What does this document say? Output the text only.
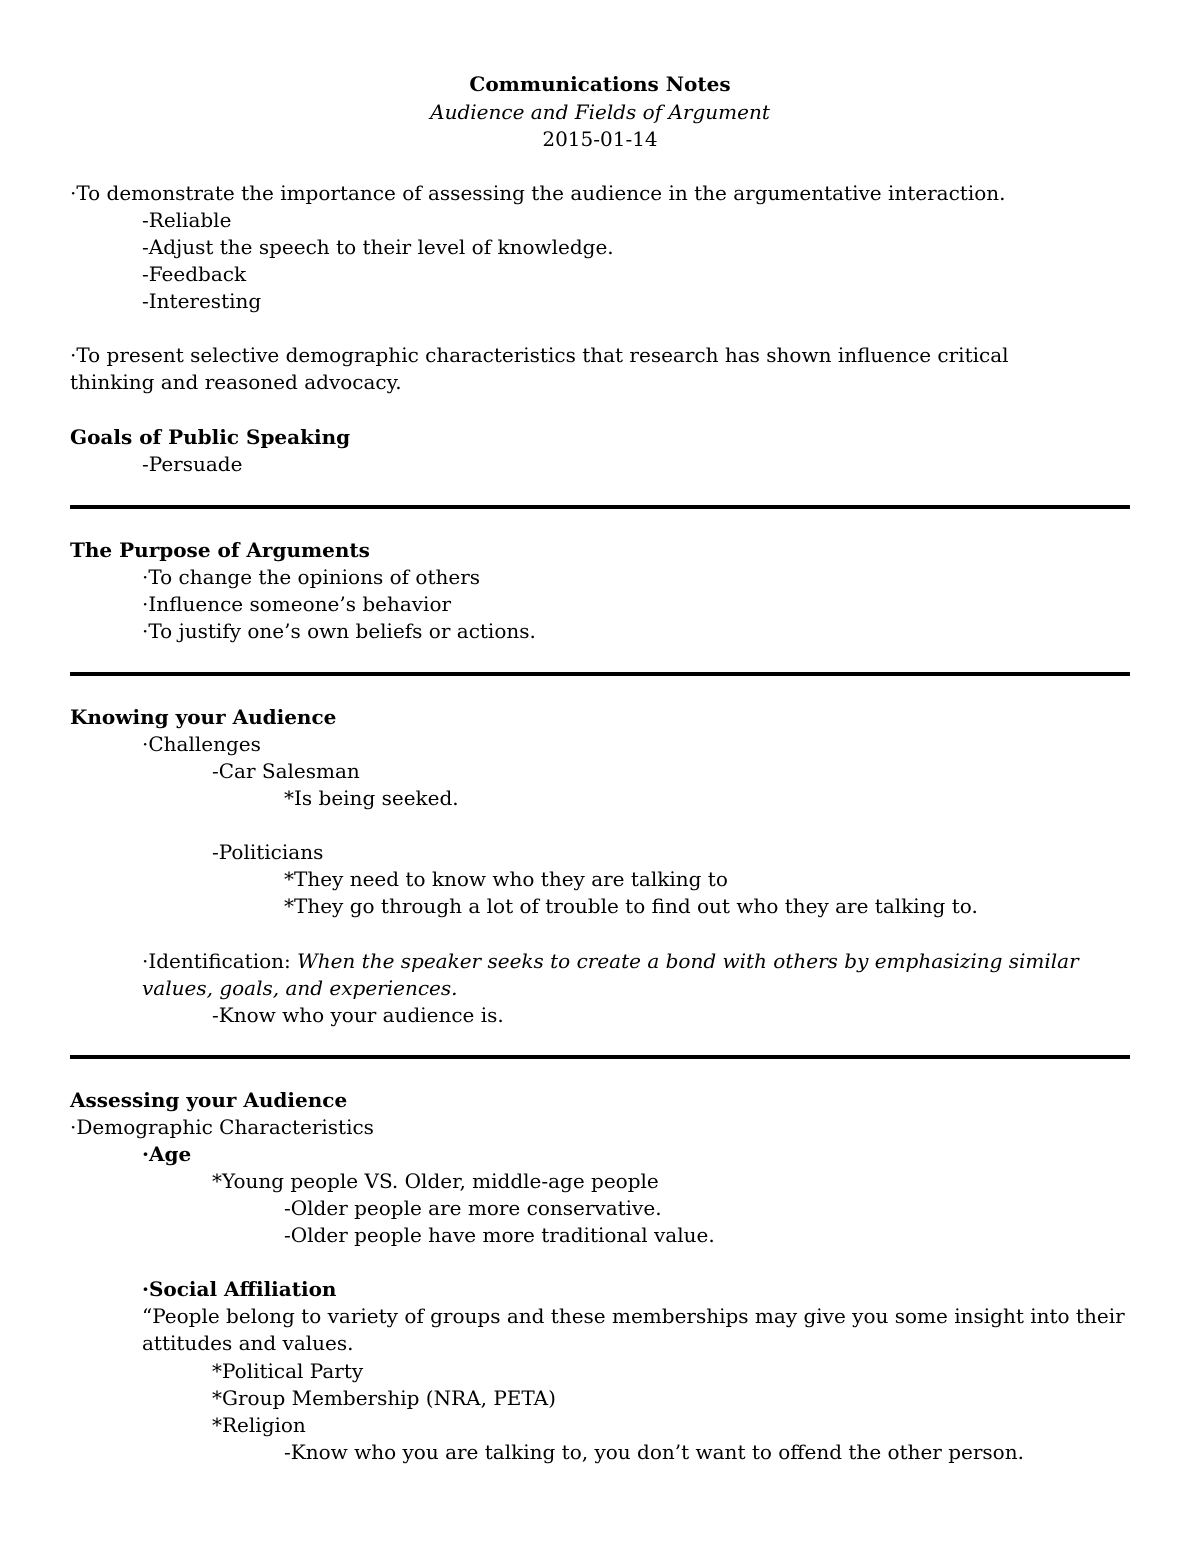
Communications Notes
Audience and Fields of Argument
2015-01-14
·To demonstrate the importance of assessing the audience in the argumentative interaction.
-Reliable
-Adjust the speech to their level of knowledge.
-Feedback
-Interesting
·To present selective demographic characteristics that research has shown influence critical thinking and reasoned advocacy.
Goals of Public Speaking
-Persuade
The Purpose of Arguments
·To change the opinions of others
·Influence someone’s behavior
·To justify one’s own beliefs or actions.
Knowing your Audience
·Challenges
-Car Salesman
*Is being seeked.
-Politicians
*They need to know who they are talking to
*They go through a lot of trouble to find out who they are talking to.
·Identification: When the speaker seeks to create a bond with others by emphasizing similar values, goals, and experiences.
-Know who your audience is.
Assessing your Audience
·Demographic Characteristics
·Age
*Young people VS. Older, middle-age people
-Older people are more conservative.
-Older people have more traditional value.
·Social Affiliation
“People belong to variety of groups and these memberships may give you some insight into their attitudes and values.
*Political Party
*Group Membership (NRA, PETA)
*Religion
-Know who you are talking to, you don’t want to offend the other person.
